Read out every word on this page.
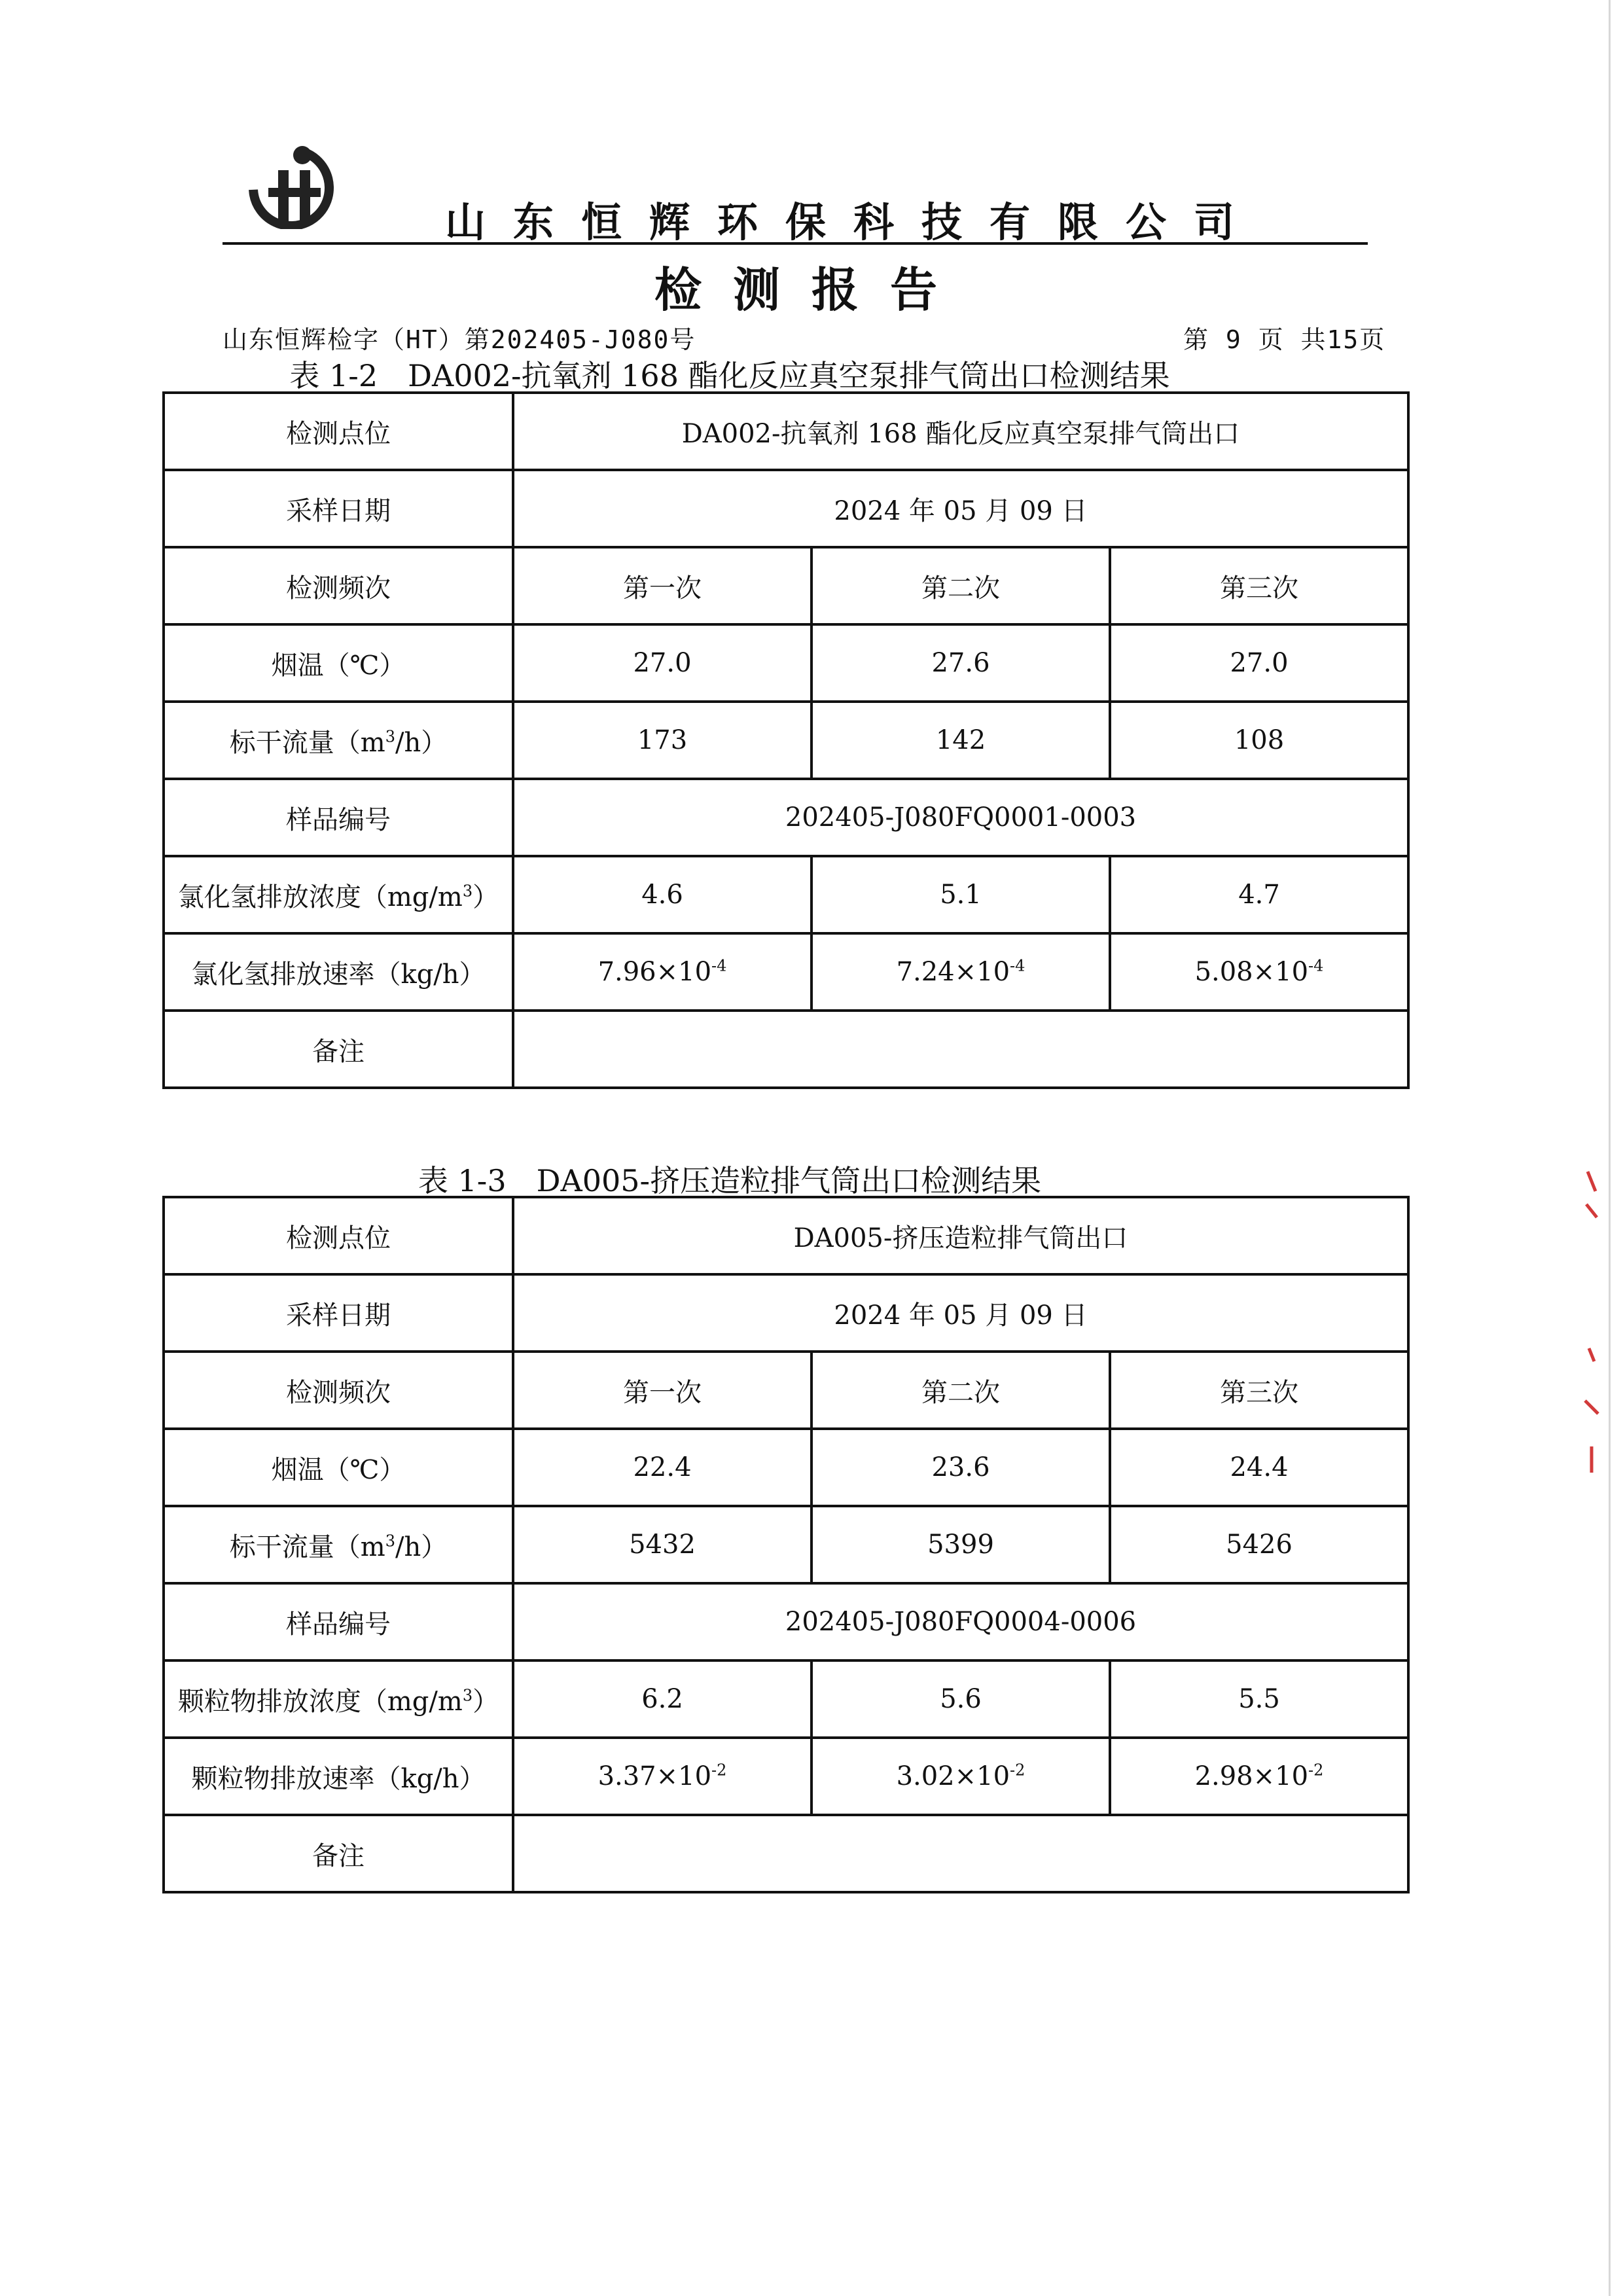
山东恒辉环保科技有限公司
检测报告
山东恒辉检字（HT）第202405-J080号	第 9 页 共15页
表 1-2　DA002-抗氧剂 168 酯化反应真空泵排气筒出口检测结果
检测点位	DA002-抗氧剂 168 酯化反应真空泵排气筒出口		
采样日期	2024 年 05 月 09 日		
检测频次	第一次	第二次	第三次
烟温（℃）	27.0	27.6	27.0
标干流量$(m^3/h)$	173	142	108
样品编号	202405-J080FQ0001-0003		
氯化氢排放浓度$(mg/m^3)$	4.6	5.1	4.7
氯化氢排放速率（kg/h）	$7.96\times 10^{-4}$	$7.24\times 10^{-4}$	$5.08\times 10^{-4}$
备注			
表 1-3　DA005-挤压造粒排气筒出口检测结果
检测点位	DA005-挤压造粒排气筒出口		
采样日期	2024 年 05 月 09 日		
检测频次	第一次	第二次	第三次
烟温（℃）	22.4	23.6	24.4
标干流量$(m^3/h)$	5432	5399	5426
样品编号	202405-J080FQ0004-0006		
颗粒物排放浓度$(mg/m^3)$	6.2	5.6	5.5
颗粒物排放速率（kg/h）	$3.37\times 10^{-2}$	$3.02\times 10^{-2}$	$2.98\times 10^{-2}$
备注			
